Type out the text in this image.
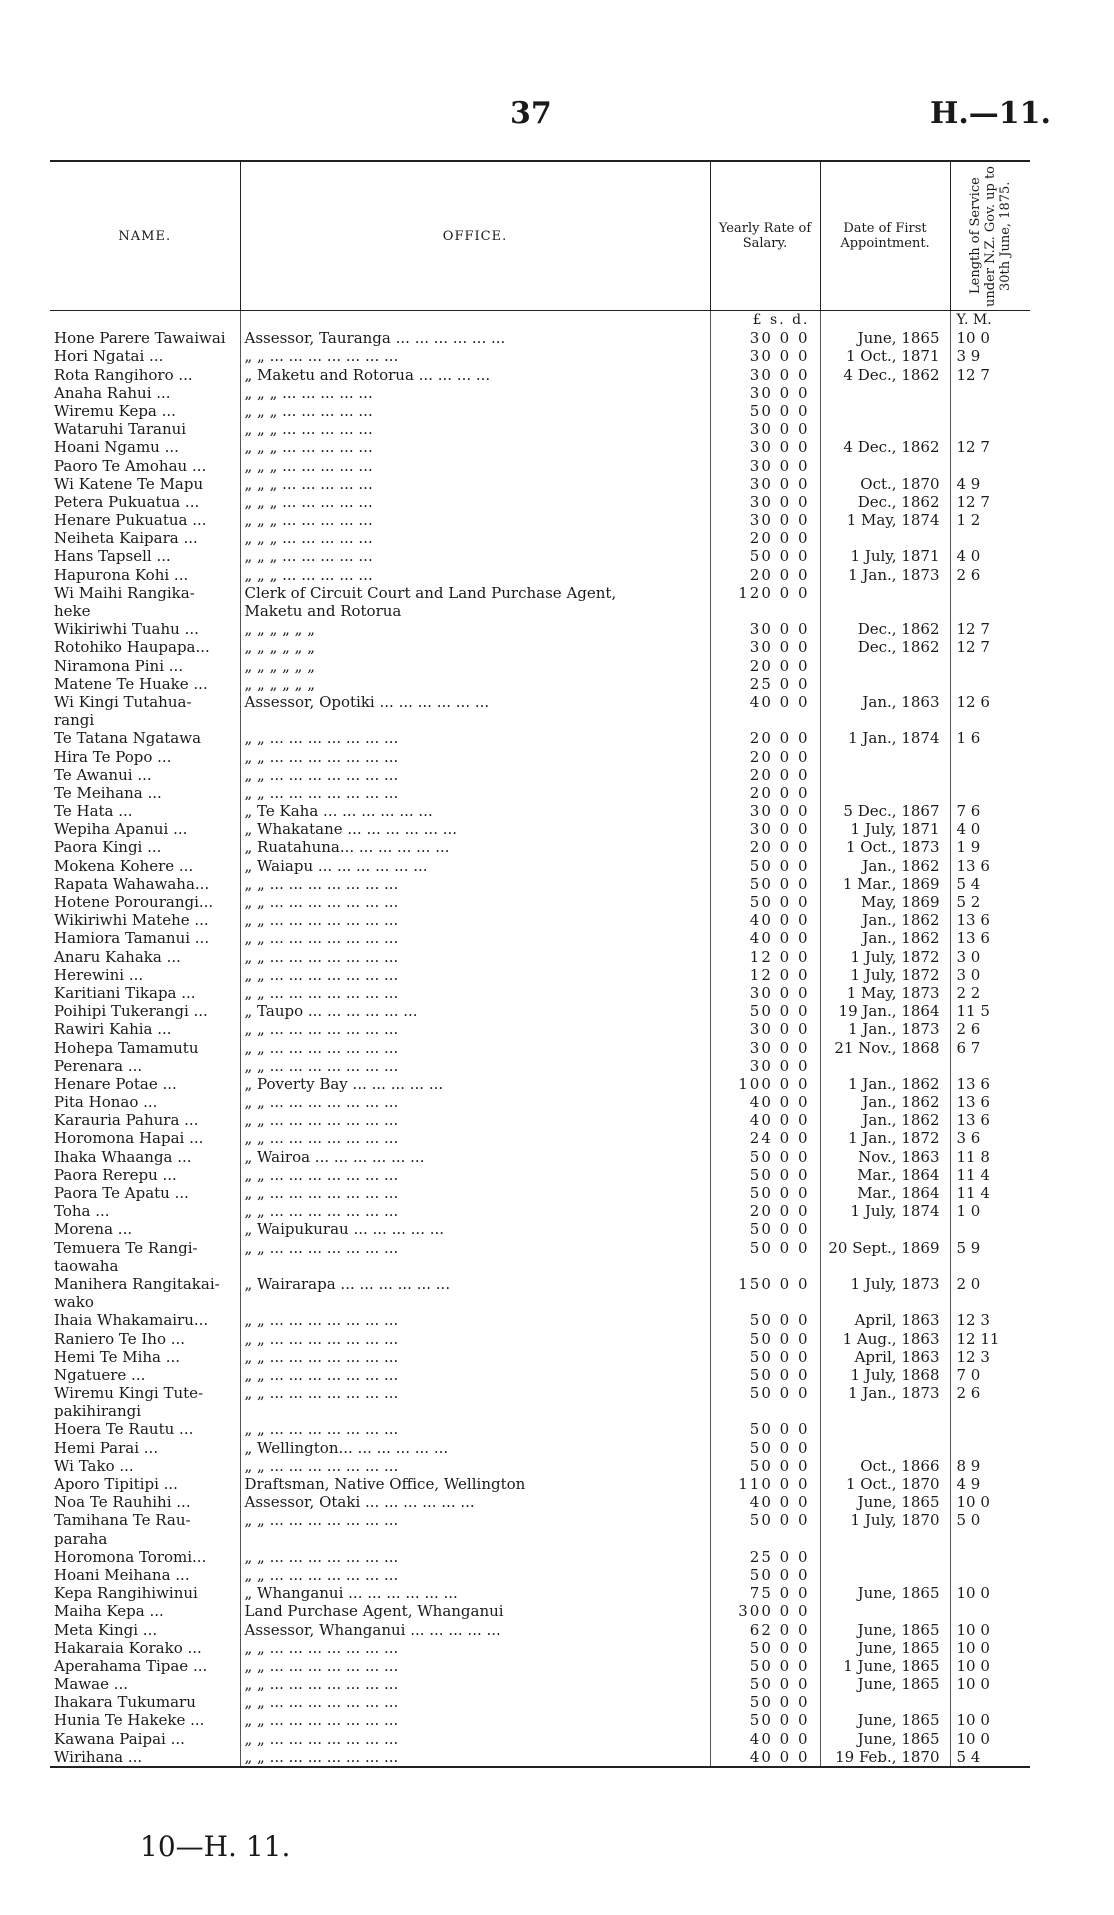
37	H.—11.
NAME.	OFFICE.	Yearly Rate of Salary.	Date of First Appointment.	Length of Service under N.Z. Gov. up to 30th June, 1875.

		£ s. d.		Y. M.
Hone Parere Tawaiwai	Assessor, Tauranga ... ... ... ... ... ...	30 0 0	June, 1865	10 0
Hori Ngatai ...	„ „ ... ... ... ... ... ... ...	30 0 0	1 Oct., 1871	3 9
Rota Rangihoro ...	„ Maketu and Rotorua ... ... ... ...	30 0 0	4 Dec., 1862	12 7
Anaha Rahui ...	„ „ „ ... ... ... ... ...	30 0 0		
Wiremu Kepa ...	„ „ „ ... ... ... ... ...	50 0 0		
Wataruhi Taranui	„ „ „ ... ... ... ... ...	30 0 0		
Hoani Ngamu ...	„ „ „ ... ... ... ... ...	30 0 0	4 Dec., 1862	12 7
Paoro Te Amohau ...	„ „ „ ... ... ... ... ...	30 0 0		
Wi Katene Te Mapu	„ „ „ ... ... ... ... ...	30 0 0	Oct., 1870	4 9
Petera Pukuatua ...	„ „ „ ... ... ... ... ...	30 0 0	Dec., 1862	12 7
Henare Pukuatua ...	„ „ „ ... ... ... ... ...	30 0 0	1 May, 1874	1 2
Neiheta Kaipara ...	„ „ „ ... ... ... ... ...	20 0 0		
Hans Tapsell ...	„ „ „ ... ... ... ... ...	50 0 0	1 July, 1871	4 0
Hapurona Kohi ...	„ „ „ ... ... ... ... ...	20 0 0	1 Jan., 1873	2 6
Wi Maihi Rangika-	Clerk of Circuit Court and Land Purchase Agent,	120 0 0		
heke	Maketu and Rotorua			
Wikiriwhi Tuahu ...	„ „ „ „ „ „	30 0 0	Dec., 1862	12 7
Rotohiko Haupapa...	„ „ „ „ „ „	30 0 0	Dec., 1862	12 7
Niramona Pini ...	„ „ „ „ „ „	20 0 0		
Matene Te Huake ...	„ „ „ „ „ „	25 0 0		
Wi Kingi Tutahua-	Assessor, Opotiki ... ... ... ... ... ...	40 0 0	Jan., 1863	12 6
rangi				
Te Tatana Ngatawa	„ „ ... ... ... ... ... ... ...	20 0 0	1 Jan., 1874	1 6
Hira Te Popo ...	„ „ ... ... ... ... ... ... ...	20 0 0		
Te Awanui ...	„ „ ... ... ... ... ... ... ...	20 0 0		
Te Meihana ...	„ „ ... ... ... ... ... ... ...	20 0 0		
Te Hata ...	„ Te Kaha ... ... ... ... ... ...	30 0 0	5 Dec., 1867	7 6
Wepiha Apanui ...	„ Whakatane ... ... ... ... ... ...	30 0 0	1 July, 1871	4 0
Paora Kingi ...	„ Ruatahuna... ... ... ... ... ...	20 0 0	1 Oct., 1873	1 9
Mokena Kohere ...	„ Waiapu ... ... ... ... ... ...	50 0 0	Jan., 1862	13 6
Rapata Wahawaha...	„ „ ... ... ... ... ... ... ...	50 0 0	1 Mar., 1869	5 4
Hotene Porourangi...	„ „ ... ... ... ... ... ... ...	50 0 0	May, 1869	5 2
Wikiriwhi Matehe ...	„ „ ... ... ... ... ... ... ...	40 0 0	Jan., 1862	13 6
Hamiora Tamanui ...	„ „ ... ... ... ... ... ... ...	40 0 0	Jan., 1862	13 6
Anaru Kahaka ...	„ „ ... ... ... ... ... ... ...	12 0 0	1 July, 1872	3 0
Herewini ...	„ „ ... ... ... ... ... ... ...	12 0 0	1 July, 1872	3 0
Karitiani Tikapa ...	„ „ ... ... ... ... ... ... ...	30 0 0	1 May, 1873	2 2
Poihipi Tukerangi ...	„ Taupo ... ... ... ... ... ...	50 0 0	19 Jan., 1864	11 5
Rawiri Kahia ...	„ „ ... ... ... ... ... ... ...	30 0 0	1 Jan., 1873	2 6
Hohepa Tamamutu	„ „ ... ... ... ... ... ... ...	30 0 0	21 Nov., 1868	6 7
Perenara ...	„ „ ... ... ... ... ... ... ...	30 0 0		
Henare Potae ...	„ Poverty Bay ... ... ... ... ...	100 0 0	1 Jan., 1862	13 6
Pita Honao ...	„ „ ... ... ... ... ... ... ...	40 0 0	Jan., 1862	13 6
Karauria Pahura ...	„ „ ... ... ... ... ... ... ...	40 0 0	Jan., 1862	13 6
Horomona Hapai ...	„ „ ... ... ... ... ... ... ...	24 0 0	1 Jan., 1872	3 6
Ihaka Whaanga ...	„ Wairoa ... ... ... ... ... ...	50 0 0	Nov., 1863	11 8
Paora Rerepu ...	„ „ ... ... ... ... ... ... ...	50 0 0	Mar., 1864	11 4
Paora Te Apatu ...	„ „ ... ... ... ... ... ... ...	50 0 0	Mar., 1864	11 4
Toha ...	„ „ ... ... ... ... ... ... ...	20 0 0	1 July, 1874	1 0
Morena ...	„ Waipukurau ... ... ... ... ...	50 0 0		
Temuera Te Rangi-	„ „ ... ... ... ... ... ... ...	50 0 0	20 Sept., 1869	5 9
taowaha				
Manihera Rangitakai-	„ Wairarapa ... ... ... ... ... ...	150 0 0	1 July, 1873	2 0
wako				
Ihaia Whakamairu...	„ „ ... ... ... ... ... ... ...	50 0 0	April, 1863	12 3
Raniero Te Iho ...	„ „ ... ... ... ... ... ... ...	50 0 0	1 Aug., 1863	12 11
Hemi Te Miha ...	„ „ ... ... ... ... ... ... ...	50 0 0	April, 1863	12 3
Ngatuere ...	„ „ ... ... ... ... ... ... ...	50 0 0	1 July, 1868	7 0
Wiremu Kingi Tute-	„ „ ... ... ... ... ... ... ...	50 0 0	1 Jan., 1873	2 6
pakihirangi				
Hoera Te Rautu ...	„ „ ... ... ... ... ... ... ...	50 0 0		
Hemi Parai ...	„ Wellington... ... ... ... ... ...	50 0 0		
Wi Tako ...	„ „ ... ... ... ... ... ... ...	50 0 0	Oct., 1866	8 9
Aporo Tipitipi ...	Draftsman, Native Office, Wellington	110 0 0	1 Oct., 1870	4 9
Noa Te Rauhihi ...	Assessor, Otaki ... ... ... ... ... ...	40 0 0	June, 1865	10 0
Tamihana Te Rau-	„ „ ... ... ... ... ... ... ...	50 0 0	1 July, 1870	5 0
paraha				
Horomona Toromi...	„ „ ... ... ... ... ... ... ...	25 0 0		
Hoani Meihana ...	„ „ ... ... ... ... ... ... ...	50 0 0		
Kepa Rangihiwinui	„ Whanganui ... ... ... ... ... ...	75 0 0	June, 1865	10 0
Maiha Kepa ...	Land Purchase Agent, Whanganui	300 0 0		
Meta Kingi ...	Assessor, Whanganui ... ... ... ... ...	62 0 0	June, 1865	10 0
Hakaraia Korako ...	„ „ ... ... ... ... ... ... ...	50 0 0	June, 1865	10 0
Aperahama Tipae ...	„ „ ... ... ... ... ... ... ...	50 0 0	1 June, 1865	10 0
Mawae ...	„ „ ... ... ... ... ... ... ...	50 0 0	June, 1865	10 0
Ihakara Tukumaru	„ „ ... ... ... ... ... ... ...	50 0 0		
Hunia Te Hakeke ...	„ „ ... ... ... ... ... ... ...	50 0 0	June, 1865	10 0
Kawana Paipai ...	„ „ ... ... ... ... ... ... ...	40 0 0	June, 1865	10 0
Wirihana ...	„ „ ... ... ... ... ... ... ...	40 0 0	19 Feb., 1870	5 4
10—H. 11.
